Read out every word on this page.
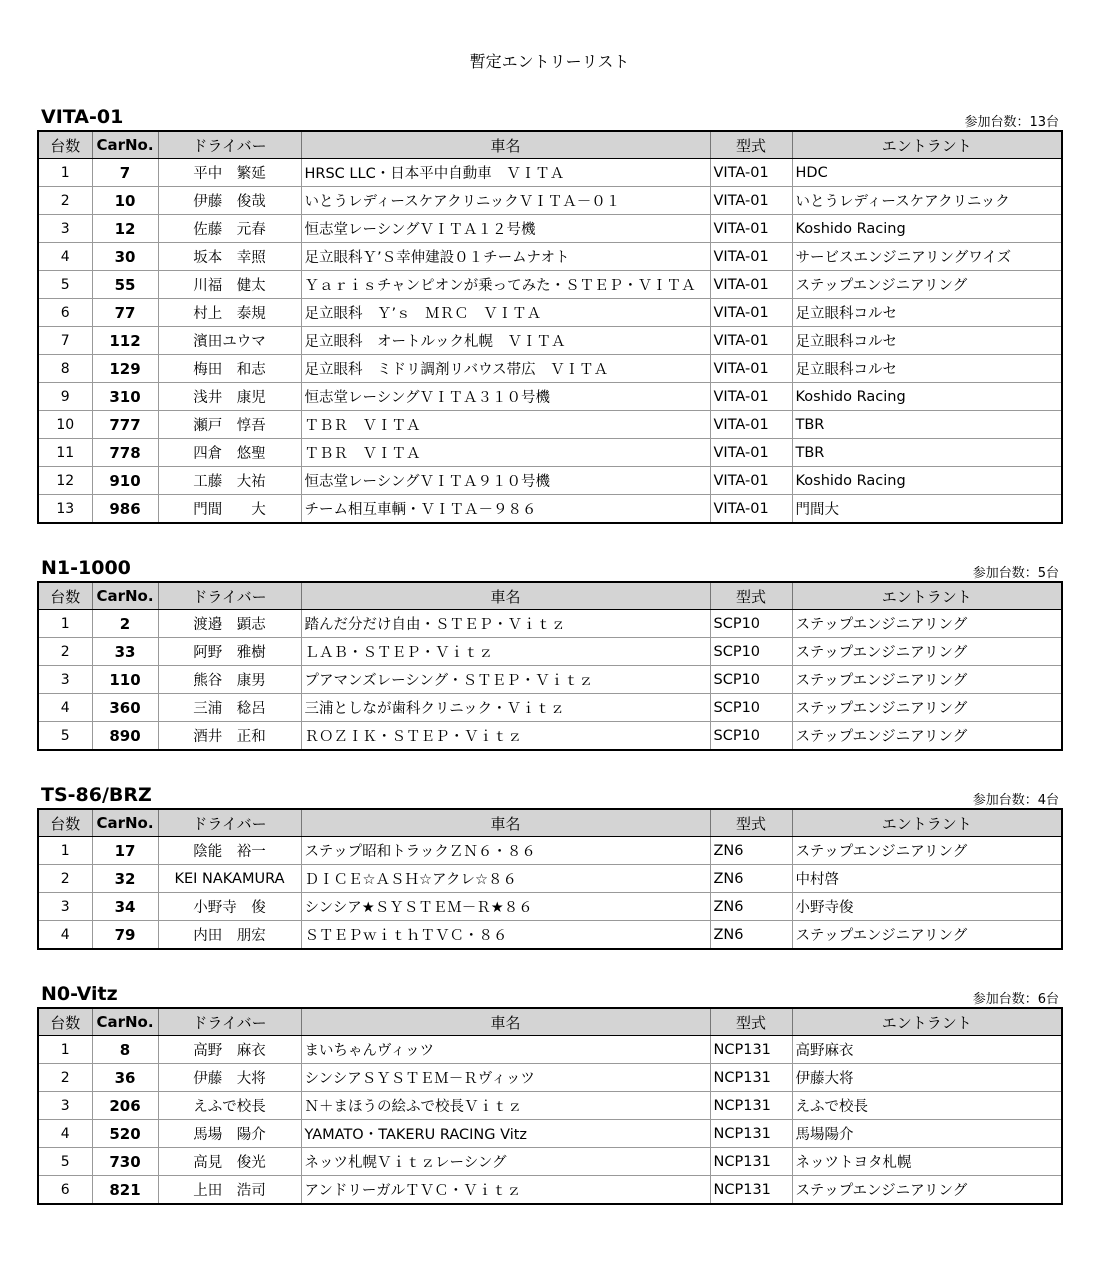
暫定エントリーリスト
VITA-01	参加台数：13台
台数	CarNo.	ドライバー	車名	型式	エントラント
1	7	平中　繁延	HRSC LLC・日本平中自動車　ＶＩＴＡ	VITA-01	HDC
2	10	伊藤　俊哉	いとうレディースケアクリニックＶＩＴＡ－０１	VITA-01	いとうレディースケアクリニック
3	12	佐藤　元春	恒志堂レーシングＶＩＴＡ１２号機	VITA-01	Koshido Racing
4	30	坂本　幸照	足立眼科Ｙ’Ｓ幸伸建設０１チームナオト	VITA-01	サービスエンジニアリングワイズ
5	55	川福　健太	Ｙａｒｉｓチャンピオンが乗ってみた・ＳＴＥＰ・ＶＩＴＡ	VITA-01	ステップエンジニアリング
6	77	村上　泰規	足立眼科　Ｙ’ｓ　ＭＲＣ　ＶＩＴＡ	VITA-01	足立眼科コルセ
7	112	濱田ユウマ	足立眼科　オートルック札幌　ＶＩＴＡ	VITA-01	足立眼科コルセ
8	129	梅田　和志	足立眼科　ミドリ調剤リバウス帯広　ＶＩＴＡ	VITA-01	足立眼科コルセ
9	310	浅井　康児	恒志堂レーシングＶＩＴＡ３１０号機	VITA-01	Koshido Racing
10	777	瀬戸　惇吾	ＴＢＲ　ＶＩＴＡ	VITA-01	TBR
11	778	四倉　悠聖	ＴＢＲ　ＶＩＴＡ	VITA-01	TBR
12	910	工藤　大祐	恒志堂レーシングＶＩＴＡ９１０号機	VITA-01	Koshido Racing
13	986	門間　　大	チーム相互車輌・ＶＩＴＡ－９８６	VITA-01	門間大
N1-1000	参加台数：5台
台数	CarNo.	ドライバー	車名	型式	エントラント
1	2	渡邉　顕志	踏んだ分だけ自由・ＳＴＥＰ・Ｖｉｔｚ	SCP10	ステップエンジニアリング
2	33	阿野　雅樹	ＬＡＢ・ＳＴＥＰ・Ｖｉｔｚ	SCP10	ステップエンジニアリング
3	110	熊谷　康男	プアマンズレーシング・ＳＴＥＰ・Ｖｉｔｚ	SCP10	ステップエンジニアリング
4	360	三浦　稔呂	三浦としなが歯科クリニック・Ｖｉｔｚ	SCP10	ステップエンジニアリング
5	890	酒井　正和	ＲＯＺＩＫ・ＳＴＥＰ・Ｖｉｔｚ	SCP10	ステップエンジニアリング
TS-86/BRZ	参加台数：4台
台数	CarNo.	ドライバー	車名	型式	エントラント
1	17	陰能　裕一	ステップ昭和トラックＺＮ６・８６	ZN6	ステップエンジニアリング
2	32	KEI NAKAMURA	ＤＩＣＥ☆ＡＳＨ☆アクレ☆８６	ZN6	中村啓
3	34	小野寺　俊	シンシア★ＳＹＳＴＥＭ－Ｒ★８６	ZN6	小野寺俊
4	79	内田　朋宏	ＳＴＥＰｗｉｔｈＴＶＣ・８６	ZN6	ステップエンジニアリング
N0-Vitz	参加台数：6台
台数	CarNo.	ドライバー	車名	型式	エントラント
1	8	高野　麻衣	まいちゃんヴィッツ	NCP131	高野麻衣
2	36	伊藤　大将	シンシアＳＹＳＴＥＭ－Ｒヴィッツ	NCP131	伊藤大将
3	206	えふで校長	Ｎ＋まほうの絵ふで校長Ｖｉｔｚ	NCP131	えふで校長
4	520	馬場　陽介	YAMATO・TAKERU RACING Vitz	NCP131	馬場陽介
5	730	高見　俊光	ネッツ札幌Ｖｉｔｚレーシング	NCP131	ネッツトヨタ札幌
6	821	上田　浩司	アンドリーガルＴＶＣ・Ｖｉｔｚ	NCP131	ステップエンジニアリング
